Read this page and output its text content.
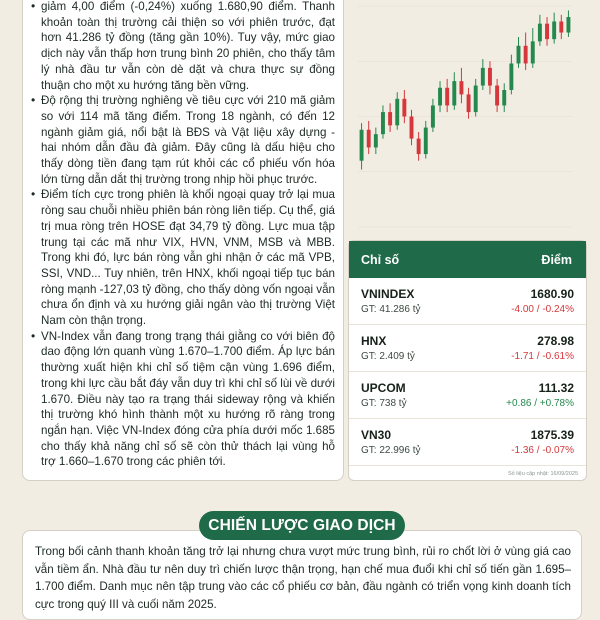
• giảm 4,00 điểm (-0,24%) xuống 1.680,90 điểm. Thanh khoản toàn thị trường cải thiện so với phiên trước, đạt hơn 41.286 tỷ đồng (tăng gần 10%). Tuy vậy, mức giao dịch này vẫn thấp hơn trung bình 20 phiên, cho thấy tâm lý nhà đầu tư vẫn còn dè dặt và chưa thực sự đồng thuận cho một xu hướng tăng bền vững.
• Độ rộng thị trường nghiêng về tiêu cực với 210 mã giảm so với 114 mã tăng điểm. Trong 18 ngành, có đến 12 ngành giảm giá, nổi bật là BĐS và Vật liệu xây dựng - hai nhóm dẫn đầu đà giảm. Đây cũng là dấu hiệu cho thấy dòng tiền đang tạm rút khỏi các cổ phiếu vốn hóa lớn từng dẫn dắt thị trường trong nhịp hồi phục trước.
• Điểm tích cực trong phiên là khối ngoại quay trở lại mua ròng sau chuỗi nhiều phiên bán ròng liên tiếp. Cụ thể, giá trị mua ròng trên HOSE đạt 34,79 tỷ đồng. Lực mua tập trung tại các mã như VIX, HVN, VNM, MSB và MBB. Trong khi đó, lực bán ròng vẫn ghi nhận ở các mã VPB, SSI, VND... Tuy nhiên, trên HNX, khối ngoại tiếp tục bán ròng mạnh -127,03 tỷ đồng, cho thấy dòng vốn ngoại vẫn chưa ổn định và xu hướng giải ngân vào thị trường Việt Nam còn thận trọng.
• VN-Index vẫn đang trong trạng thái giằng co với biên độ dao động lớn quanh vùng 1.670–1.700 điểm. Áp lực bán thường xuất hiện khi chỉ số tiệm cận vùng 1.696 điểm, trong khi lực cầu bắt đáy vẫn duy trì khi chỉ số lùi về dưới 1.670. Điều này tạo ra trạng thái sideway rộng và khiến thị trường khó hình thành một xu hướng rõ ràng trong ngắn hạn. Việc VN-Index đóng cửa phía dưới mốc 1.685 cho thấy khả năng chỉ số sẽ còn thử thách lại vùng hỗ trợ 1.660–1.670 trong các phiên tới.
Chỉ số	Điểm
VNINDEX	1680.90
GT: 41.286 tỷ	-4.00 / -0.24%
HNX	278.98
GT: 2.409 tỷ	-1.71 / -0.61%
UPCOM	111.32
GT: 738 tỷ	+0.86 / +0.78%
VN30	1875.39
GT: 22.996 tỷ	-1.36 / -0.07%
Số liệu cập nhật: 16/09/2025
CHIẾN LƯỢC GIAO DỊCH
Trong bối cảnh thanh khoản tăng trở lại nhưng chưa vượt mức trung bình, rủi ro chốt lời ở vùng giá cao vẫn tiềm ẩn. Nhà đầu tư nên duy trì chiến lược thận trọng, hạn chế mua đuổi khi chỉ số tiến gần 1.695–1.700 điểm. Danh mục nên tập trung vào các cổ phiếu cơ bản, đầu ngành có triển vọng kinh doanh tích cực trong quý III và cuối năm 2025.
